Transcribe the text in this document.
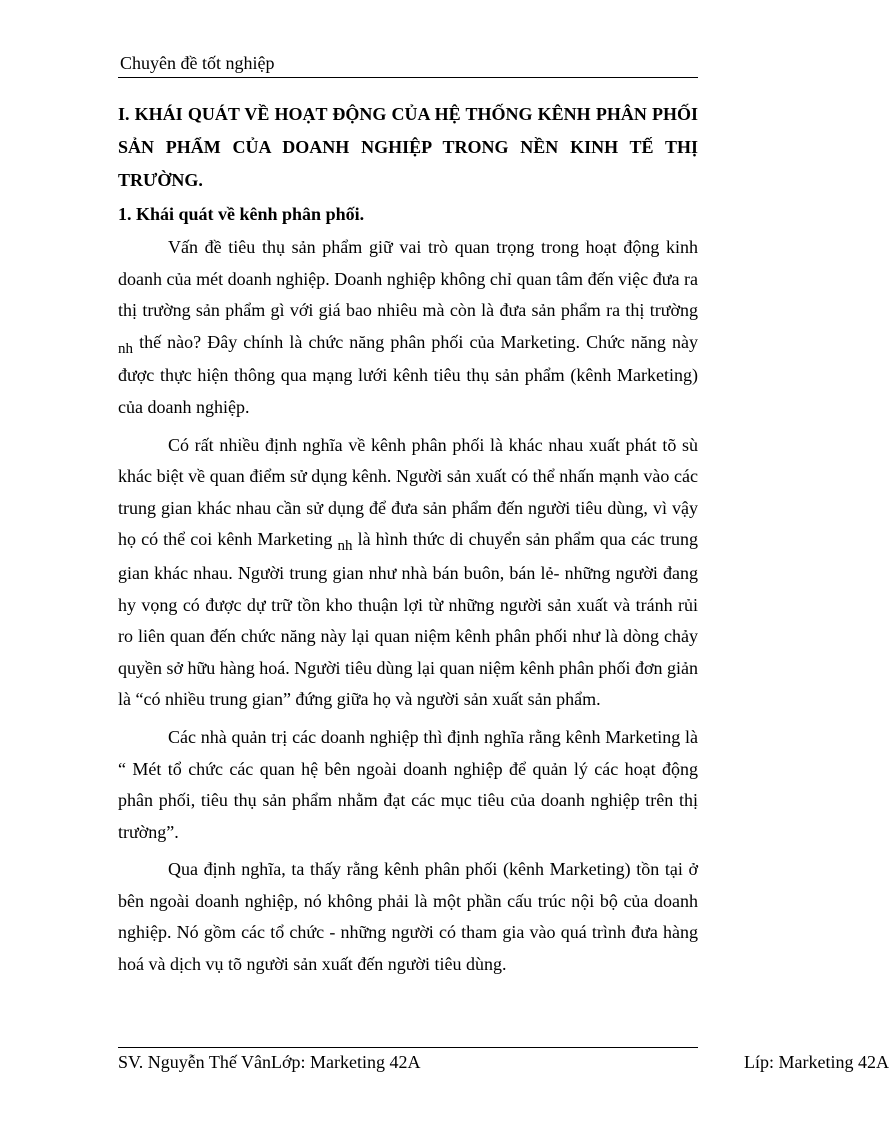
Chuyên đề tốt nghiệp

I. KHÁI QUÁT VỀ HOẠT ĐỘNG CỦA HỆ THỐNG KÊNH PHÂN PHỐI SẢN PHẨM CỦA DOANH NGHIỆP TRONG NỀN KINH TẾ THỊ TRƯỜNG.

1. Khái quát về kênh phân phối.

Vấn đề tiêu thụ sản phẩm giữ vai trò quan trọng trong hoạt động kinh doanh của mét doanh nghiệp. Doanh nghiệp không chỉ quan tâm đến việc đưa ra thị trường sản phẩm gì với giá bao nhiêu mà còn là đưa sản phẩm ra thị trường $_{nh}$ thế nào? Đây chính là chức năng phân phối của Marketing. Chức năng này được thực hiện thông qua mạng lưới kênh tiêu thụ sản phẩm (kênh Marketing) của doanh nghiệp.

Có rất nhiều định nghĩa về kênh phân phối là khác nhau xuất phát tõ sù khác biệt về quan điểm sử dụng kênh. Người sản xuất có thể nhấn mạnh vào các trung gian khác nhau cần sử dụng để đưa sản phẩm đến người tiêu dùng, vì vậy họ có thể coi kênh Marketing $_{nh}$ là hình thức di chuyển sản phẩm qua các trung gian khác nhau. Người trung gian như nhà bán buôn, bán lẻ- những người đang hy vọng có được dự trữ tồn kho thuận lợi từ những người sản xuất và tránh rủi ro liên quan đến chức năng này lại quan niệm kênh phân phối như là dòng chảy quyền sở hữu hàng hoá. Người tiêu dùng lại quan niệm kênh phân phối đơn giản là “có nhiều trung gian” đứng giữa họ và người sản xuất sản phẩm.

Các nhà quản trị các doanh nghiệp thì định nghĩa rằng kênh Marketing là “ Mét tổ chức các quan hệ bên ngoài doanh nghiệp để quản lý các hoạt động phân phối, tiêu thụ sản phẩm nhằm đạt các mục tiêu của doanh nghiệp trên thị trường”.

Qua định nghĩa, ta thấy rằng kênh phân phối (kênh Marketing) tồn tại ở bên ngoài doanh nghiệp, nó không phải là một phần cấu trúc nội bộ của doanh nghiệp. Nó gồm các tổ chức - những người có tham gia vào quá trình đưa hàng hoá và dịch vụ tõ người sản xuất đến người tiêu dùng.

SV. Nguyễn Thế VânLớp: Marketing 42A	Líp: Marketing 42A
